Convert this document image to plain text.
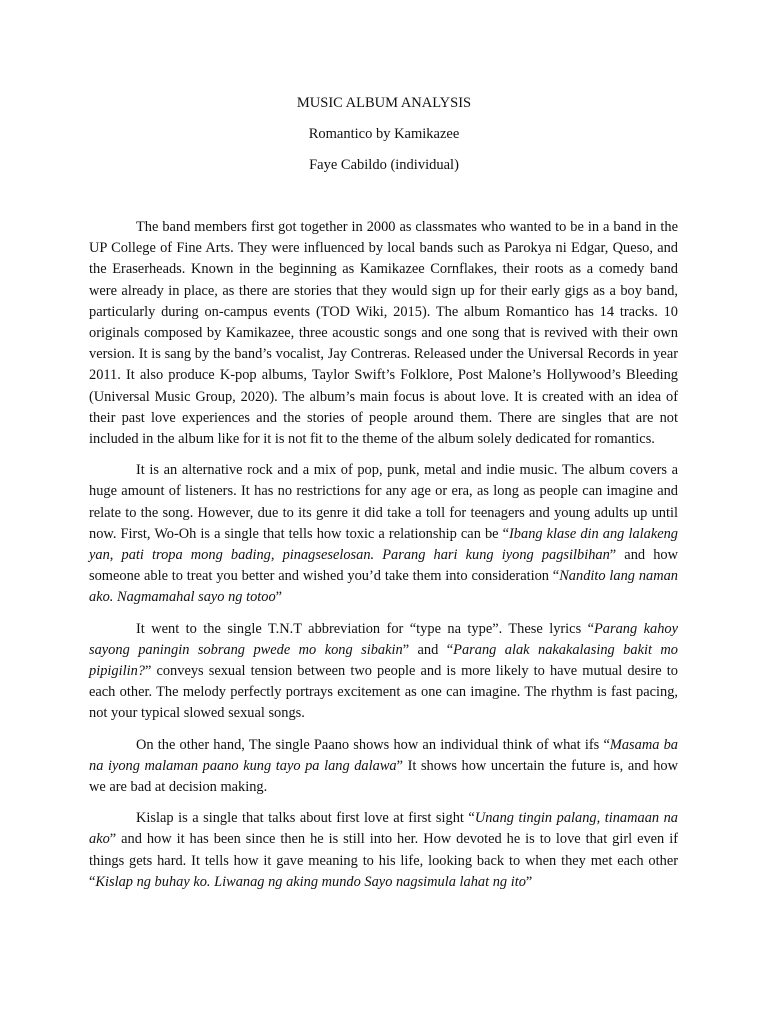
MUSIC ALBUM ANALYSIS
Romantico by Kamikazee
Faye Cabildo (individual)

The band members first got together in 2000 as classmates who wanted to be in a band in the UP College of Fine Arts. They were influenced by local bands such as Parokya ni Edgar, Queso, and the Eraserheads. Known in the beginning as Kamikazee Cornflakes, their roots as a comedy band were already in place, as there are stories that they would sign up for their early gigs as a boy band, particularly during on-campus events (TOD Wiki, 2015). The album Romantico has 14 tracks. 10 originals composed by Kamikazee, three acoustic songs and one song that is revived with their own version. It is sang by the band’s vocalist, Jay Contreras. Released under the Universal Records in year 2011. It also produce K-pop albums, Taylor Swift’s Folklore, Post Malone’s Hollywood’s Bleeding (Universal Music Group, 2020). The album’s main focus is about love. It is created with an idea of their past love experiences and the stories of people around them. There are singles that are not included in the album like for it is not fit to the theme of the album solely dedicated for romantics.

It is an alternative rock and a mix of pop, punk, metal and indie music. The album covers a huge amount of listeners. It has no restrictions for any age or era, as long as people can imagine and relate to the song. However, due to its genre it did take a toll for teenagers and young adults up until now. First, Wo-Oh is a single that tells how toxic a relationship can be “Ibang klase din ang lalakeng yan, pati tropa mong bading, pinagseselosan. Parang hari kung iyong pagsilbihan” and how someone able to treat you better and wished you’d take them into consideration “Nandito lang naman ako. Nagmamahal sayo ng totoo”

It went to the single T.N.T abbreviation for “type na type”. These lyrics “Parang kahoy sayong paningin sobrang pwede mo kong sibakin” and “Parang alak nakakalasing bakit mo pipigilin?” conveys sexual tension between two people and is more likely to have mutual desire to each other. The melody perfectly portrays excitement as one can imagine. The rhythm is fast pacing, not your typical slowed sexual songs.

On the other hand, The single Paano shows how an individual think of what ifs “Masama ba na iyong malaman paano kung tayo pa lang dalawa” It shows how uncertain the future is, and how we are bad at decision making.

Kislap is a single that talks about first love at first sight “Unang tingin palang, tinamaan na ako” and how it has been since then he is still into her. How devoted he is to love that girl even if things gets hard. It tells how it gave meaning to his life, looking back to when they met each other “Kislap ng buhay ko. Liwanag ng aking mundo Sayo nagsimula lahat ng ito”
